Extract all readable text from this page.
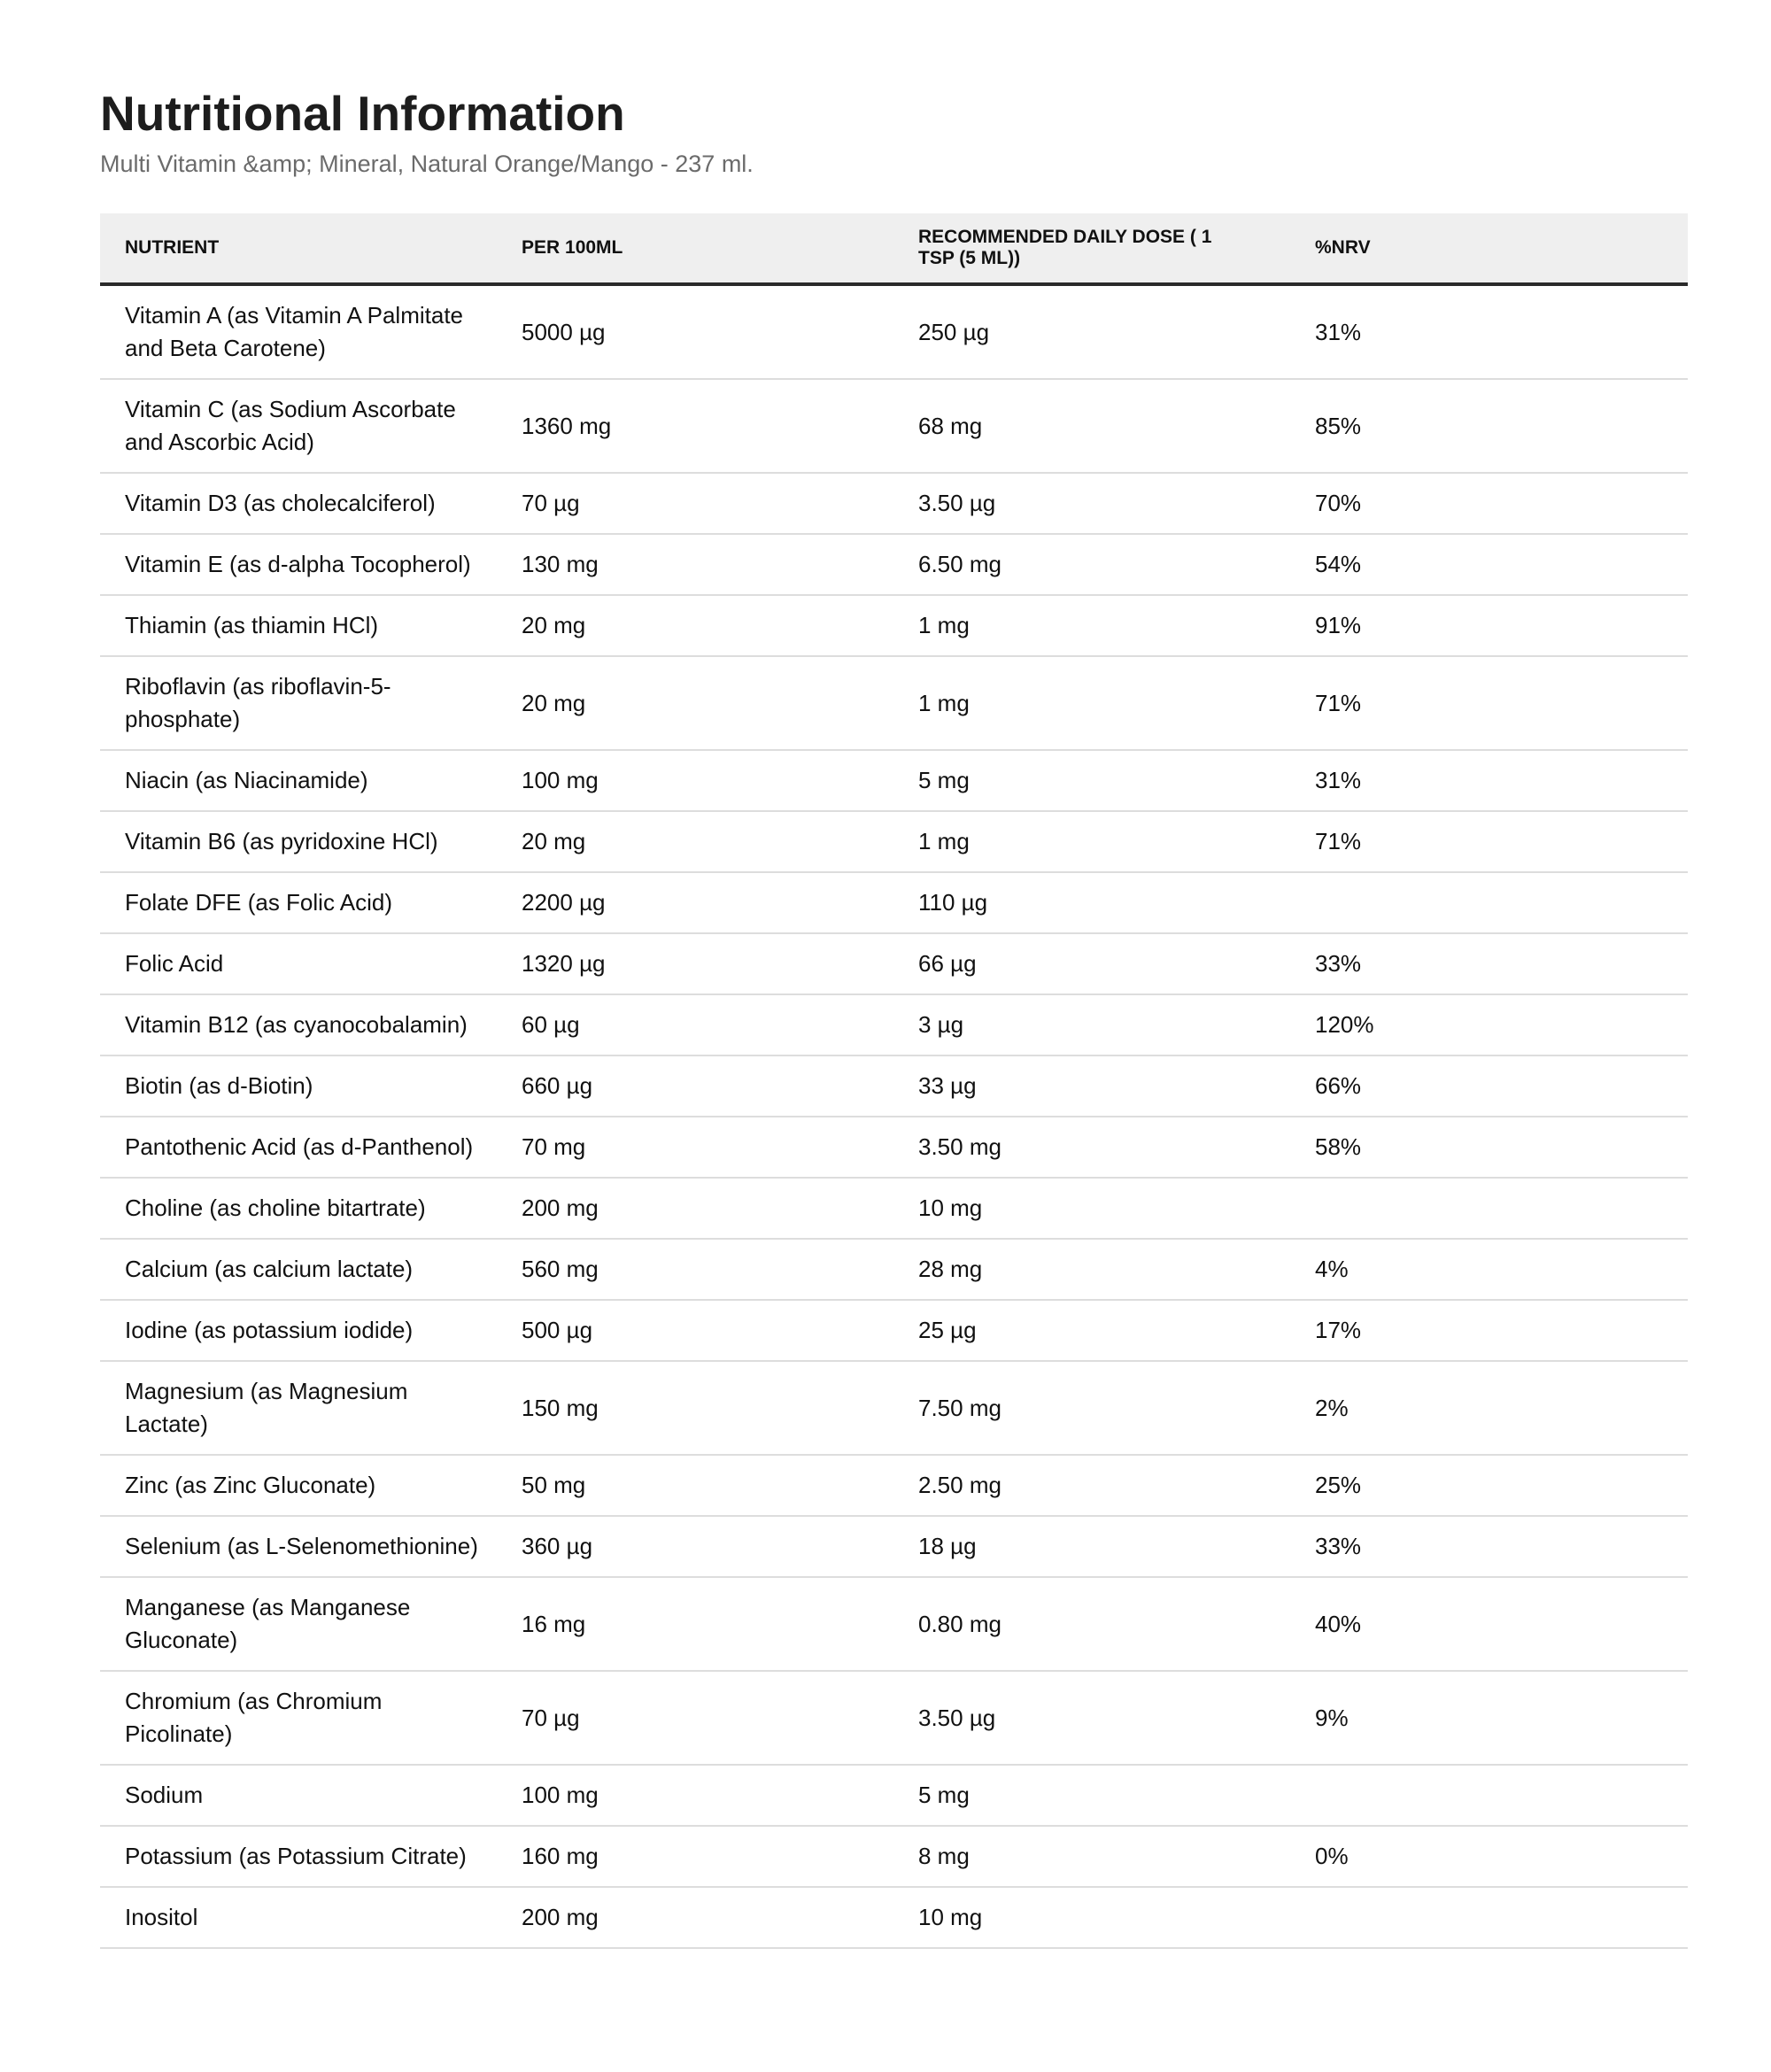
Nutritional Information

Multi Vitamin &amp; Mineral, Natural Orange/Mango - 237 ml.

NUTRIENT	PER 100ML	RECOMMENDED DAILY DOSE ( 1 TSP (5 ML))	%NRV
Vitamin A (as Vitamin A Palmitate and Beta Carotene)	5000 µg	250 µg	31%
Vitamin C (as Sodium Ascorbate and Ascorbic Acid)	1360 mg	68 mg	85%
Vitamin D3 (as cholecalciferol)	70 µg	3.50 µg	70%
Vitamin E (as d-alpha Tocopherol)	130 mg	6.50 mg	54%
Thiamin (as thiamin HCl)	20 mg	1 mg	91%
Riboflavin (as riboflavin-5-phosphate)	20 mg	1 mg	71%
Niacin (as Niacinamide)	100 mg	5 mg	31%
Vitamin B6 (as pyridoxine HCl)	20 mg	1 mg	71%
Folate DFE (as Folic Acid)	2200 µg	110 µg	
Folic Acid	1320 µg	66 µg	33%
Vitamin B12 (as cyanocobalamin)	60 µg	3 µg	120%
Biotin (as d-Biotin)	660 µg	33 µg	66%
Pantothenic Acid (as d-Panthenol)	70 mg	3.50 mg	58%
Choline (as choline bitartrate)	200 mg	10 mg	
Calcium (as calcium lactate)	560 mg	28 mg	4%
Iodine (as potassium iodide)	500 µg	25 µg	17%
Magnesium (as Magnesium Lactate)	150 mg	7.50 mg	2%
Zinc (as Zinc Gluconate)	50 mg	2.50 mg	25%
Selenium (as L-Selenomethionine)	360 µg	18 µg	33%
Manganese (as Manganese Gluconate)	16 mg	0.80 mg	40%
Chromium (as Chromium Picolinate)	70 µg	3.50 µg	9%
Sodium	100 mg	5 mg	
Potassium (as Potassium Citrate)	160 mg	8 mg	0%
Inositol	200 mg	10 mg	
